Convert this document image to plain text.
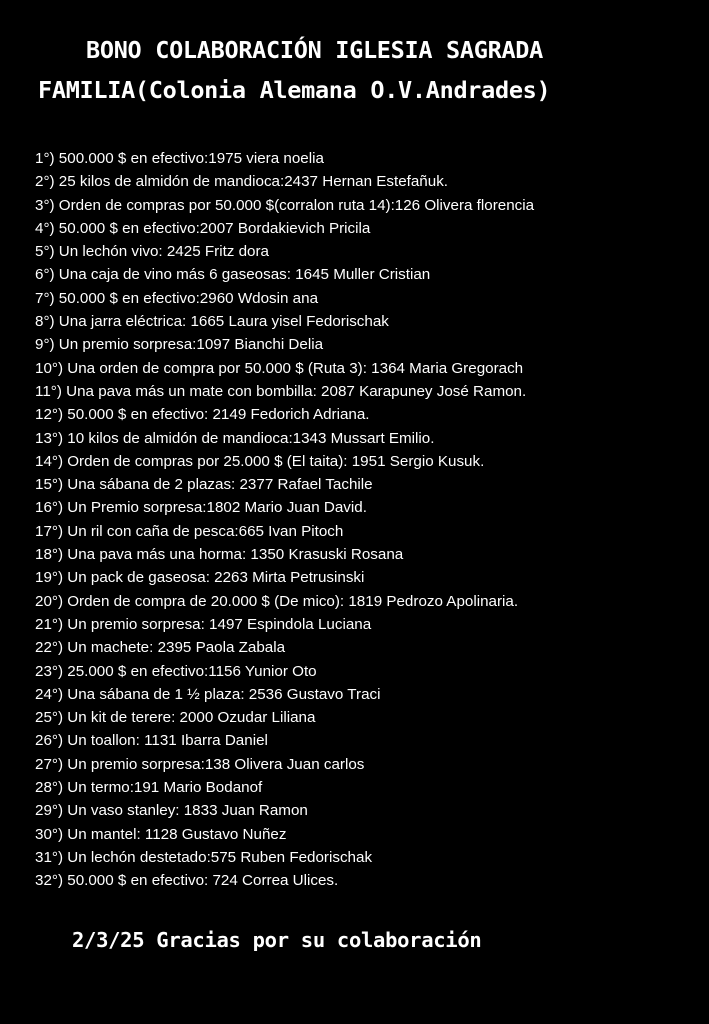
BONO COLABORACIÓN IGLESIA SAGRADA
FAMILIA(Colonia Alemana O.V.Andrades)
1°) 500.000 $ en efectivo:1975 viera noelia
2°) 25 kilos de almidón de mandioca:2437 Hernan Estefañuk.
3°) Orden de compras por 50.000 $(corralon ruta 14):126 Olivera florencia
4°) 50.000 $ en efectivo:2007 Bordakievich Pricila
5°) Un lechón vivo: 2425 Fritz dora
6°) Una caja de vino más 6 gaseosas: 1645 Muller Cristian
7°) 50.000 $ en efectivo:2960 Wdosin ana
8°) Una jarra eléctrica: 1665 Laura yisel Fedorischak
9°) Un premio sorpresa:1097 Bianchi Delia
10°) Una orden de compra por 50.000 $ (Ruta 3): 1364 Maria Gregorach
11°) Una pava más un mate con bombilla: 2087 Karapuney José Ramon.
12°) 50.000 $ en efectivo: 2149 Fedorich Adriana.
13°) 10 kilos de almidón de mandioca:1343 Mussart Emilio.
14°) Orden de compras por 25.000 $ (El taita): 1951 Sergio Kusuk.
15°) Una sábana de 2 plazas: 2377 Rafael Tachile
16°) Un Premio sorpresa:1802 Mario Juan David.
17°) Un ril con caña de pesca:665 Ivan Pitoch
18°) Una pava más una horma: 1350 Krasuski Rosana
19°) Un pack de gaseosa: 2263 Mirta Petrusinski
20°) Orden de compra de 20.000 $ (De mico): 1819 Pedrozo Apolinaria.
21°) Un premio sorpresa: 1497 Espindola Luciana
22°) Un machete: 2395 Paola Zabala
23°) 25.000 $ en efectivo:1156 Yunior Oto
24°) Una sábana de 1 ½ plaza: 2536 Gustavo Traci
25°) Un kit de terere: 2000 Ozudar Liliana
26°) Un toallon: 1131 Ibarra Daniel
27°) Un premio sorpresa:138 Olivera Juan carlos
28°) Un termo:191 Mario Bodanof
29°) Un vaso stanley: 1833 Juan Ramon
30°) Un mantel: 1128 Gustavo Nuñez
31°) Un lechón destetado:575 Ruben Fedorischak
32°) 50.000 $ en efectivo: 724 Correa Ulices.

2/3/25 Gracias por su colaboración
